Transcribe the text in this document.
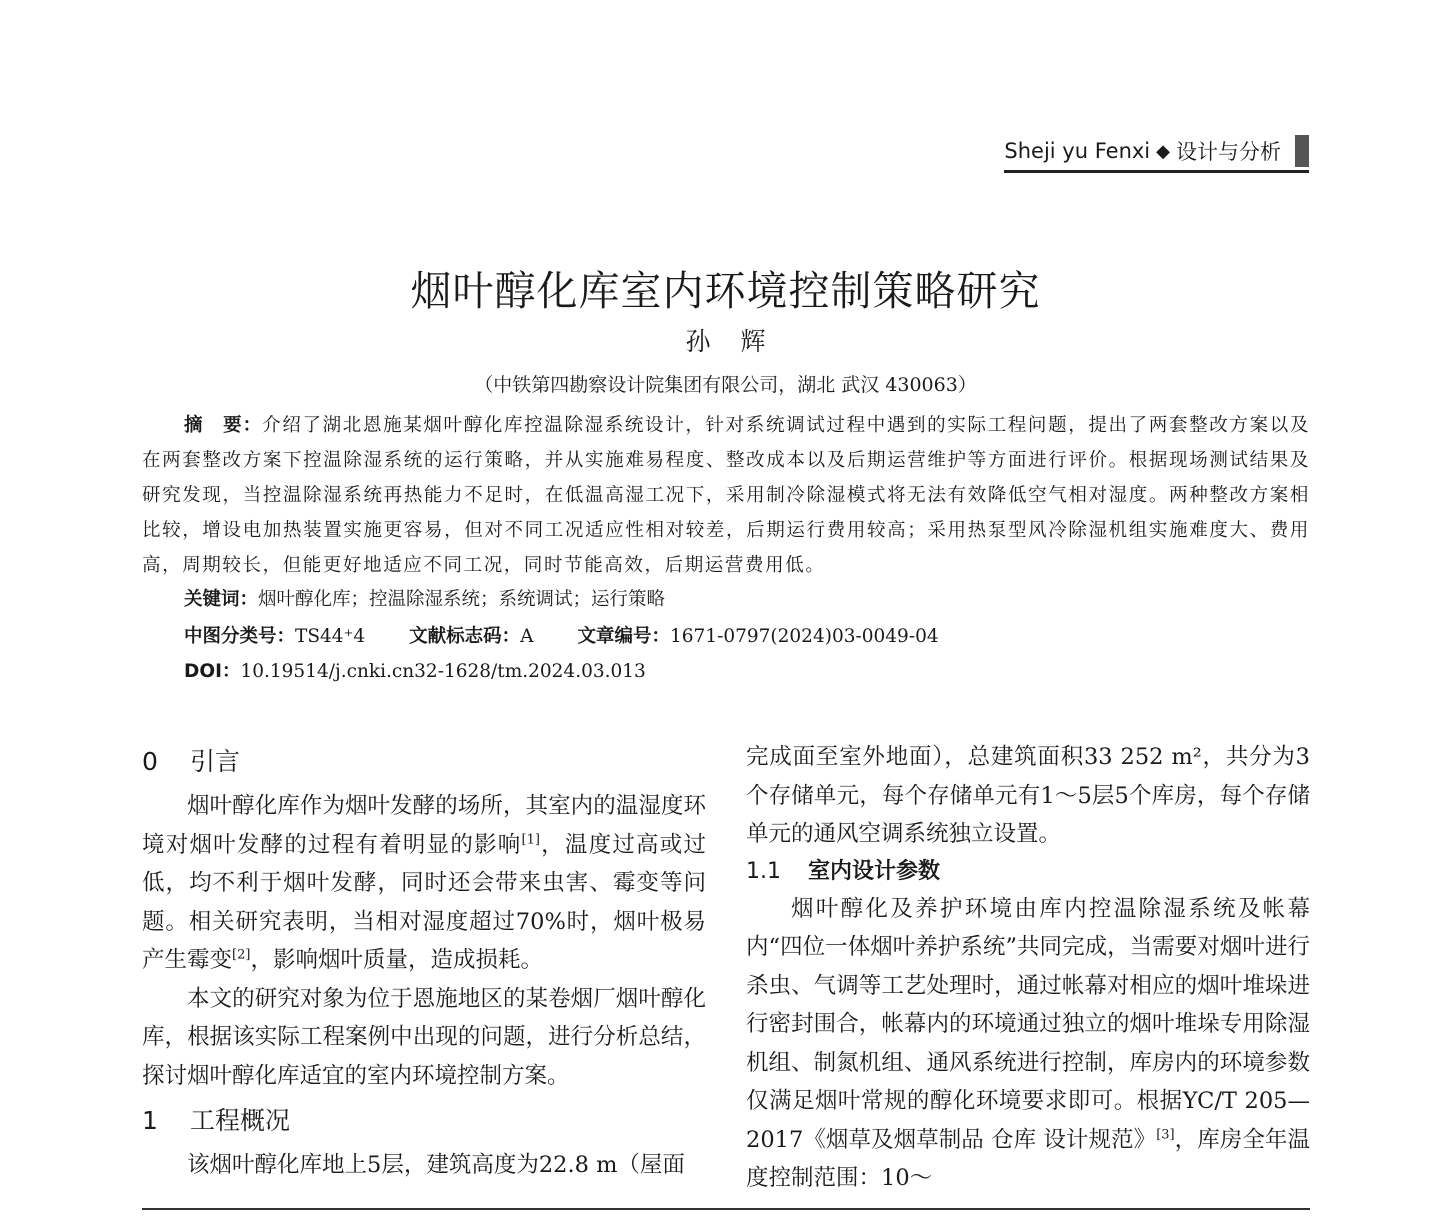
Sheji yu Fenxi ◆ 设计与分析
烟叶醇化库室内环境控制策略研究
孙辉
（中铁第四勘察设计院集团有限公司，湖北 武汉 430063）
摘　要：介绍了湖北恩施某烟叶醇化库控温除湿系统设计，针对系统调试过程中遇到的实际工程问题，提出了两套整改方案以及在两套整改方案下控温除湿系统的运行策略，并从实施难易程度、整改成本以及后期运营维护等方面进行评价。根据现场测试结果及研究发现，当控温除湿系统再热能力不足时，在低温高湿工况下，采用制冷除湿模式将无法有效降低空气相对湿度。两种整改方案相比较，增设电加热装置实施更容易，但对不同工况适应性相对较差，后期运行费用较高；采用热泵型风冷除湿机组实施难度大、费用高，周期较长，但能更好地适应不同工况，同时节能高效，后期运营费用低。
关键词：烟叶醇化库；控温除湿系统；系统调试；运行策略
中图分类号：TS44⁺4 文献标志码：A 文章编号：1671-0797(2024)03-0049-04
DOI：10.19514/j.cnki.cn32-1628/tm.2024.03.013
0	引言

烟叶醇化库作为烟叶发酵的场所，其室内的温湿度环境对烟叶发酵的过程有着明显的影响[1]，温度过高或过低，均不利于烟叶发酵，同时还会带来虫害、霉变等问题。相关研究表明，当相对湿度超过70%时，烟叶极易产生霉变[2]，影响烟叶质量，造成损耗。

本文的研究对象为位于恩施地区的某卷烟厂烟叶醇化库，根据该实际工程案例中出现的问题，进行分析总结，探讨烟叶醇化库适宜的室内环境控制方案。

1	工程概况

该烟叶醇化库地上5层，建筑高度为22.8 m（屋面

完成面至室外地面），总建筑面积33 252 m²，共分为3个存储单元，每个存储单元有1～5层5个库房，每个存储单元的通风空调系统独立设置。

1.1	室内设计参数

烟叶醇化及养护环境由库内控温除湿系统及帐幕内“四位一体烟叶养护系统”共同完成，当需要对烟叶进行杀虫、气调等工艺处理时，通过帐幕对相应的烟叶堆垛进行密封围合，帐幕内的环境通过独立的烟叶堆垛专用除湿机组、制氮机组、通风系统进行控制，库房内的环境参数仅满足烟叶常规的醇化环境要求即可。根据YC/T 205—2017《烟草及烟草制品 仓库 设计规范》[3]，库房全年温度控制范围：10～
